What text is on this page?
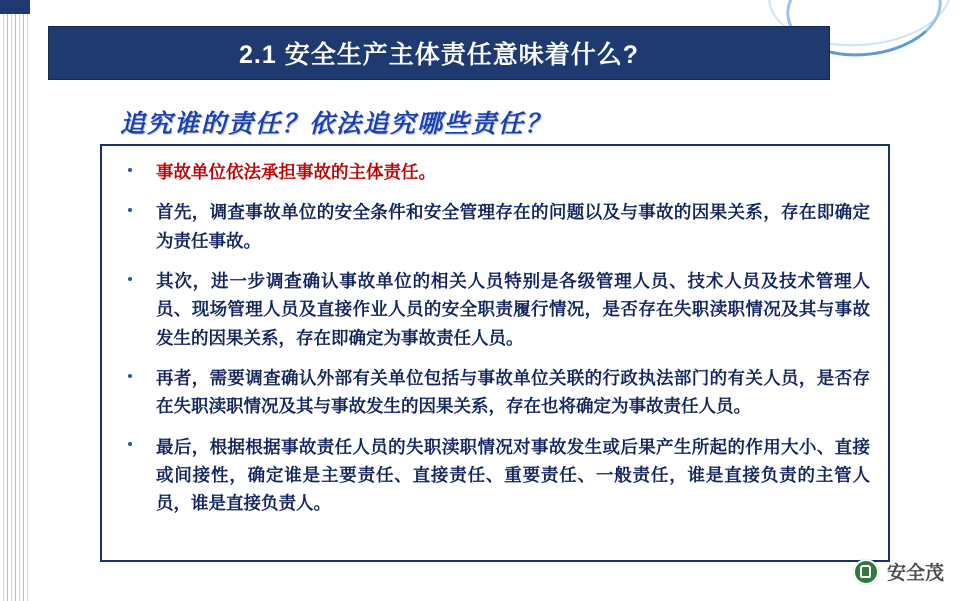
2.1 安全生产主体责任意味着什么?
追究谁的责任？依法追究哪些责任？
事故单位依法承担事故的主体责任。
首先，调查事故单位的安全条件和安全管理存在的问题以及与事故的因果关系，存在即确定为责任事故。
其次，进一步调查确认事故单位的相关人员特别是各级管理人员、技术人员及技术管理人员、现场管理人员及直接作业人员的安全职责履行情况，是否存在失职渎职情况及其与事故发生的因果关系，存在即确定为事故责任人员。
再者，需要调查确认外部有关单位包括与事故单位关联的行政执法部门的有关人员，是否存在失职渎职情况及其与事故发生的因果关系，存在也将确定为事故责任人员。
最后，根据根据事故责任人员的失职渎职情况对事故发生或后果产生所起的作用大小、直接或间接性，确定谁是主要责任、直接责任、重要责任、一般责任，谁是直接负责的主管人员，谁是直接负责人。
安全茂
